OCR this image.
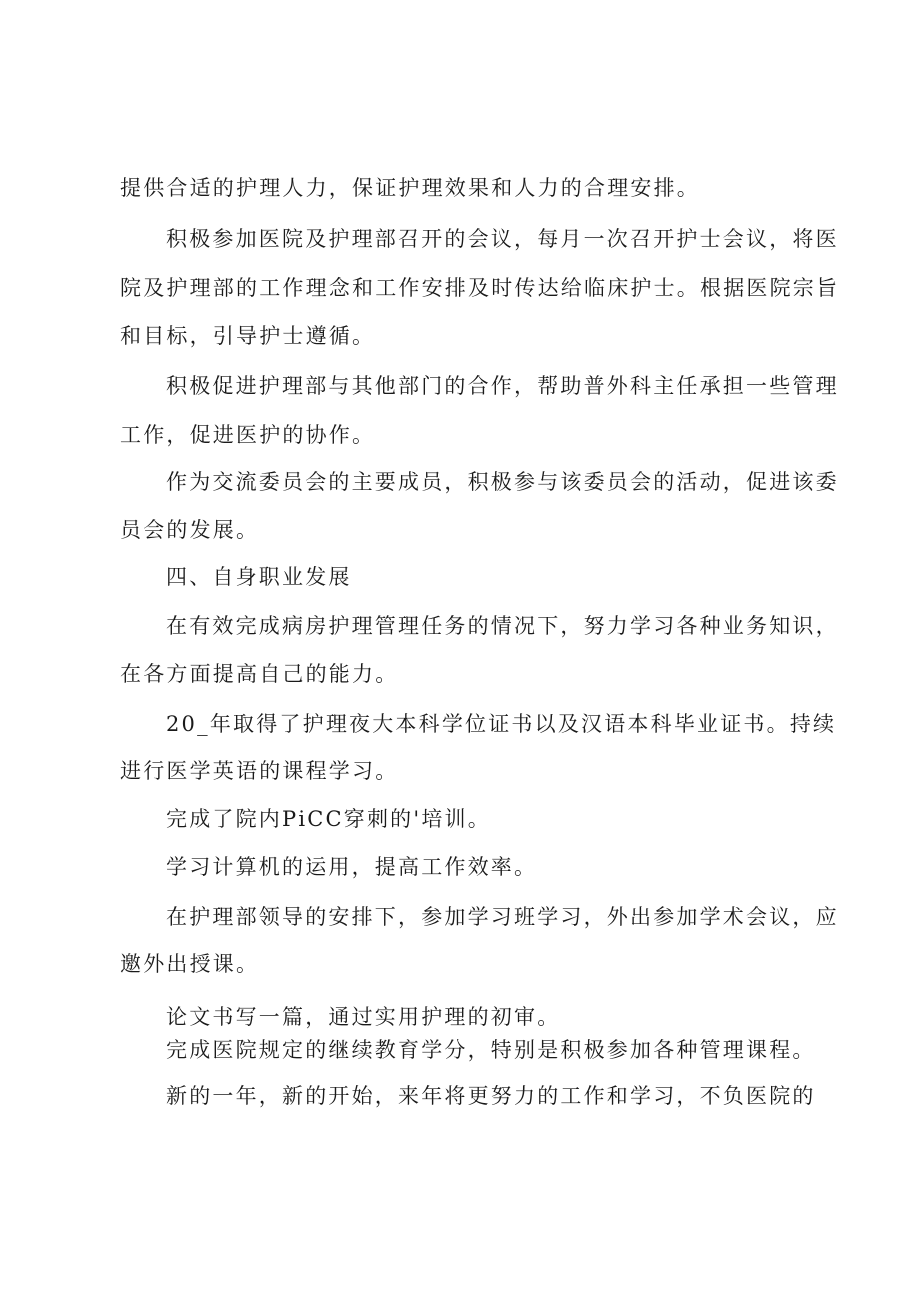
提供合适的护理人力，保证护理效果和人力的合理安排。
积极参加医院及护理部召开的会议，每月一次召开护士会议，将医
院及护理部的工作理念和工作安排及时传达给临床护士。根据医院宗旨
和目标，引导护士遵循。
积极促进护理部与其他部门的合作，帮助普外科主任承担一些管理
工作，促进医护的协作。
作为交流委员会的主要成员，积极参与该委员会的活动，促进该委
员会的发展。
四、自身职业发展
在有效完成病房护理管理任务的情况下，努力学习各种业务知识，
在各方面提高自己的能力。
20_年取得了护理夜大本科学位证书以及汉语本科毕业证书。持续
进行医学英语的课程学习。
完成了院内PiCC穿刺的'培训。
学习计算机的运用，提高工作效率。
在护理部领导的安排下，参加学习班学习，外出参加学术会议，应
邀外出授课。
论文书写一篇，通过实用护理的初审。
完成医院规定的继续教育学分，特别是积极参加各种管理课程。
新的一年，新的开始，来年将更努力的工作和学习，不负医院的
